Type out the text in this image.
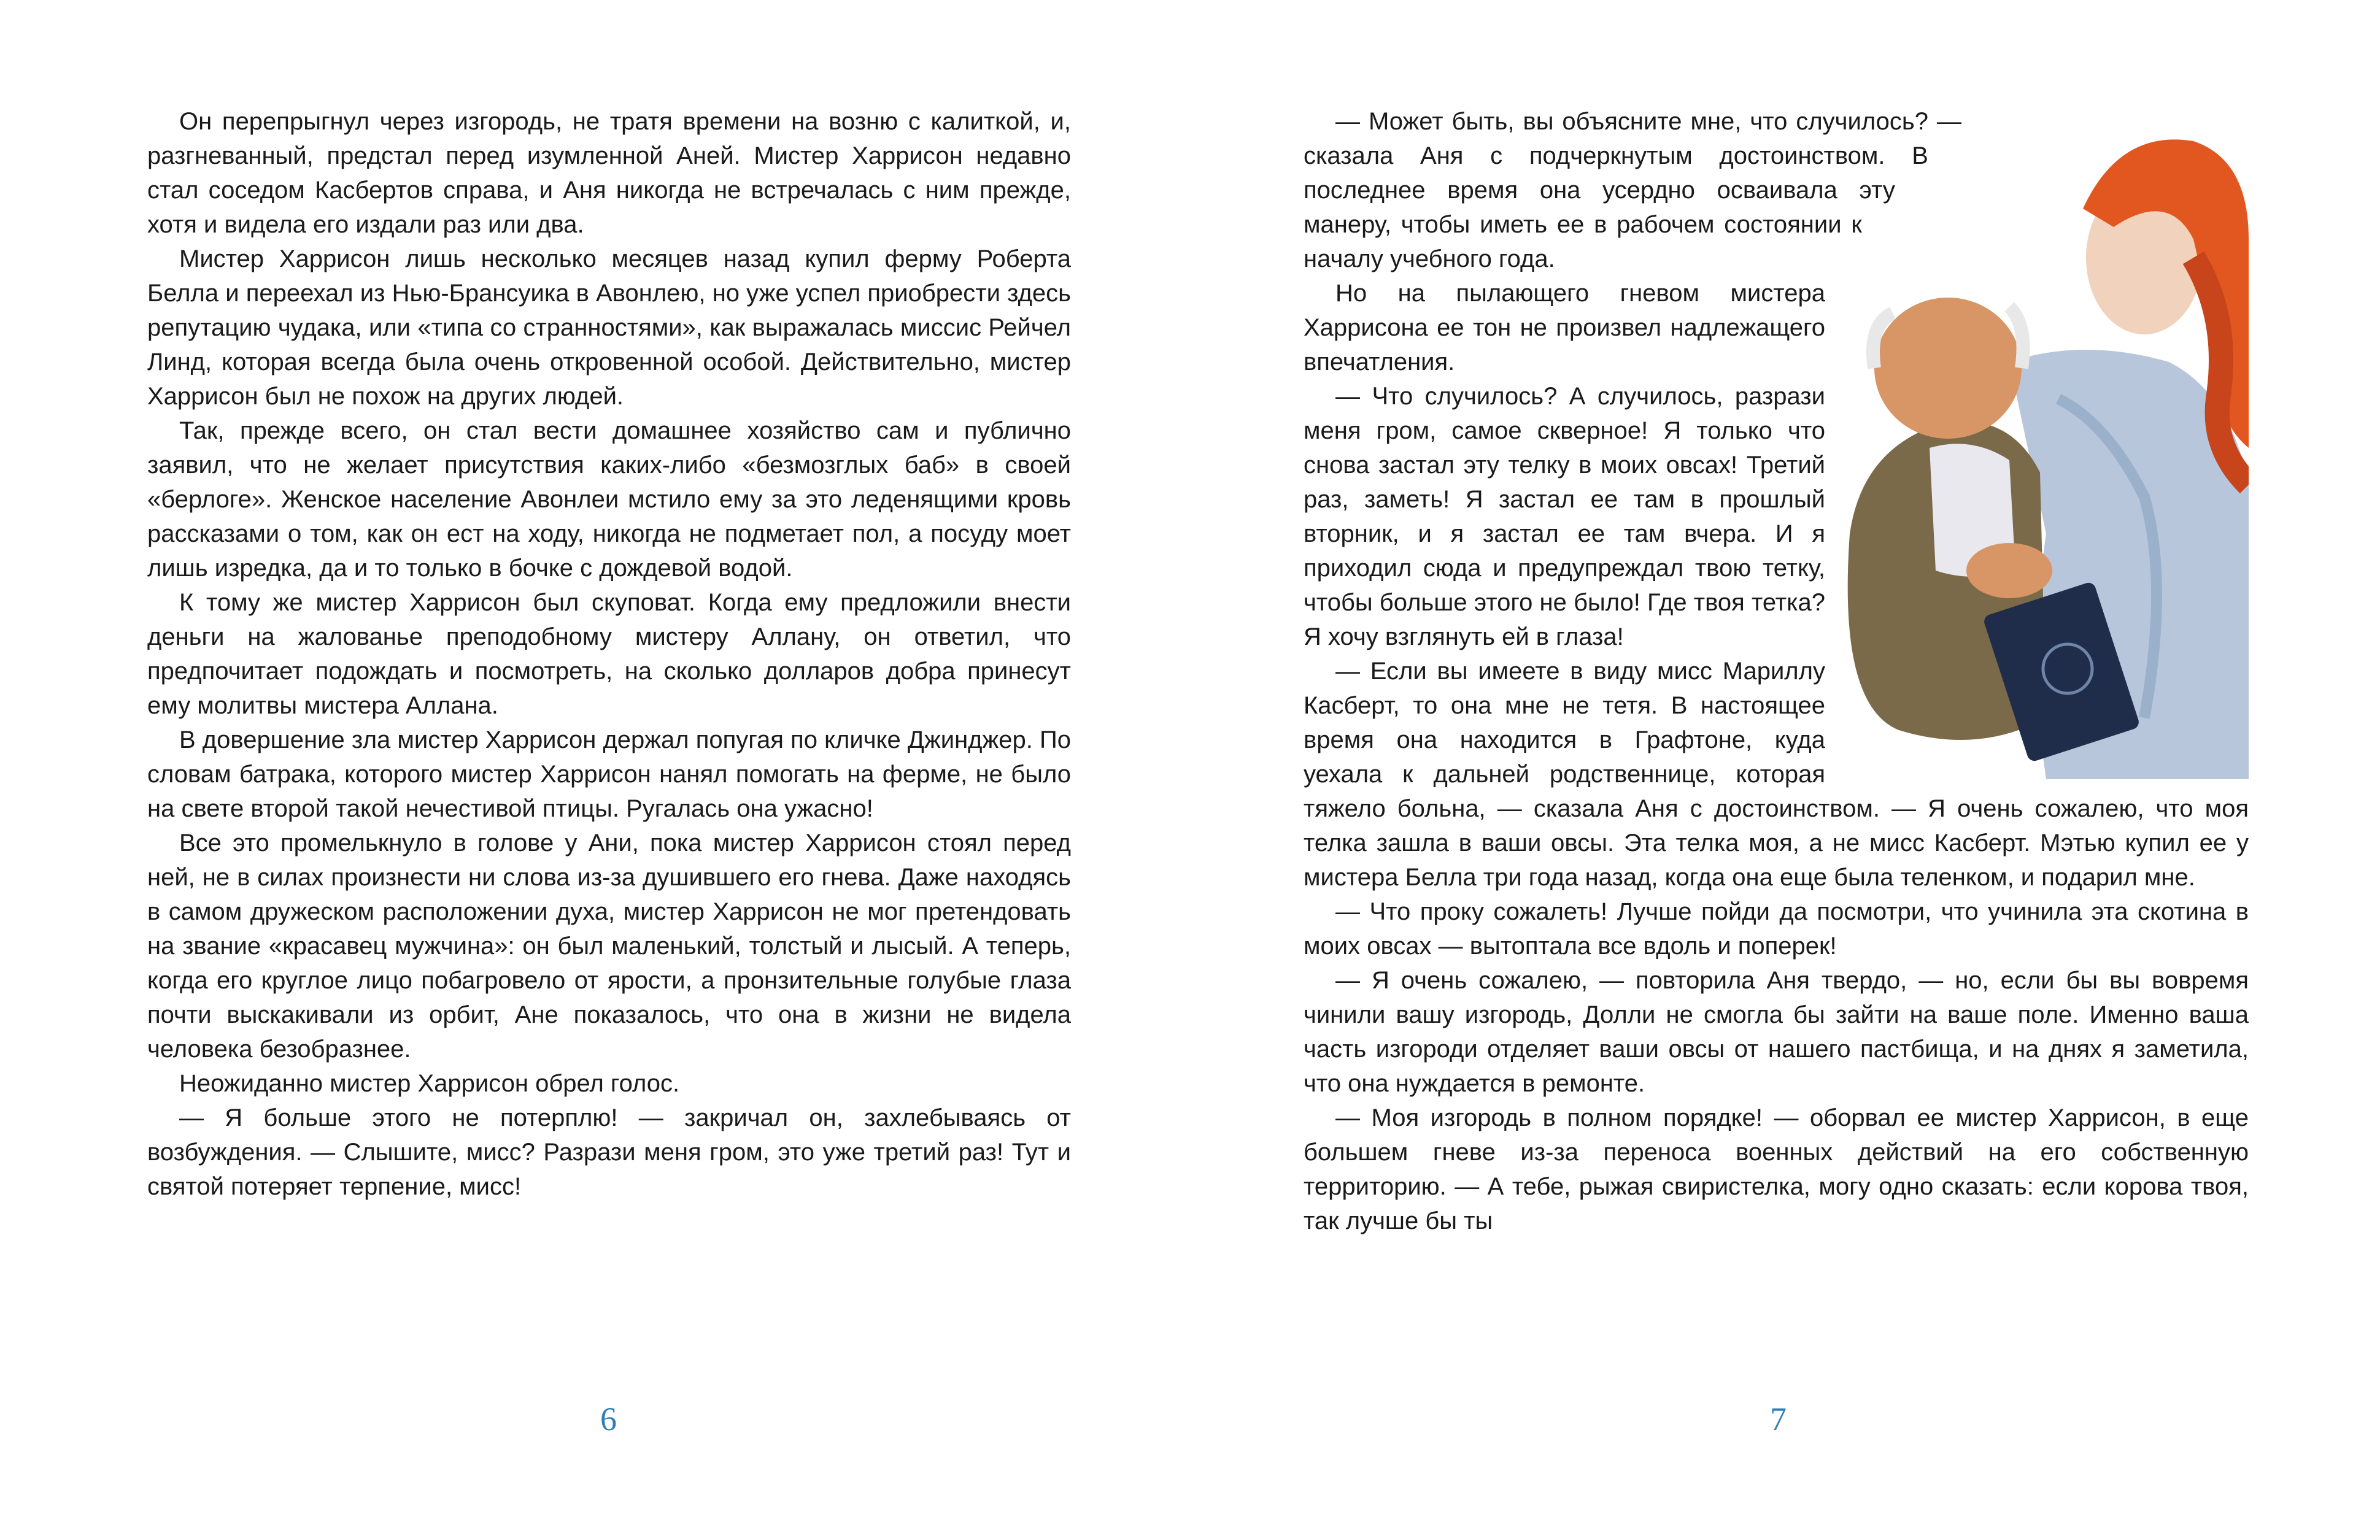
Он перепрыгнул через изгородь, не тратя времени на возню с калиткой, и, разгневанный, предстал перед изумленной Аней. Мистер Харрисон недавно стал соседом Касбертов справа, и Аня никогда не встречалась с ним прежде, хотя и видела его издали раз или два.

Мистер Харрисон лишь несколько месяцев назад купил ферму Роберта Белла и переехал из Нью-Брансуика в Авонлею, но уже успел приобрести здесь репутацию чудака, или «типа со странностями», как выражалась миссис Рейчел Линд, которая всегда была очень откровенной особой. Действительно, мистер Харрисон был не похож на других людей.

Так, прежде всего, он стал вести домашнее хозяйство сам и публично заявил, что не желает присутствия каких-либо «безмозглых баб» в своей «берлоге». Женское население Авонлеи мстило ему за это леденящими кровь рассказами о том, как он ест на ходу, никогда не подметает пол, а посуду моет лишь изредка, да и то только в бочке с дождевой водой.

К тому же мистер Харрисон был скуповат. Когда ему предложили внести деньги на жалованье преподобному мистеру Аллану, он ответил, что предпочитает подождать и посмотреть, на сколько долларов добра принесут ему молитвы мистера Аллана.

В довершение зла мистер Харрисон держал попугая по кличке Джинджер. По словам батрака, которого мистер Харрисон нанял помогать на ферме, не было на свете второй такой нечестивой птицы. Ругалась она ужасно!

Все это промелькнуло в голове у Ани, пока мистер Харрисон стоял перед ней, не в силах произнести ни слова из-за душившего его гнева. Даже находясь в самом дружеском расположении духа, мистер Харрисон не мог претендовать на звание «красавец мужчина»: он был маленький, толстый и лысый. А теперь, когда его круглое лицо побагровело от ярости, а пронзительные голубые глаза почти выскакивали из орбит, Ане показалось, что она в жизни не видела человека безобразнее.

Неожиданно мистер Харрисон обрел голос.

— Я больше этого не потерплю! — закричал он, захлебываясь от возбуждения. — Слышите, мисс? Разрази меня гром, это уже третий раз! Тут и святой потеряет терпение, мисс!

6

— Может быть, вы объясните мне, что случилось? — сказала Аня с подчеркнутым достоинством. В последнее время она усердно осваивала эту манеру, чтобы иметь ее в рабочем состоянии к началу учебного года.

Но на пылающего гневом мистера Харрисона ее тон не произвел надлежащего впечатления.

— Что случилось? А случилось, разрази меня гром, самое скверное! Я только что снова застал эту телку в моих овсах! Третий раз, заметь! Я застал ее там в прошлый вторник, и я застал ее там вчера. И я приходил сюда и предупреждал твою тетку, чтобы больше этого не было! Где твоя тетка? Я хочу взглянуть ей в глаза!

— Если вы имеете в виду мисс Мариллу Касберт, то она мне не тетя. В настоящее время она находится в Графтоне, куда уехала к дальней родственнице, которая тяжело больна, — сказала Аня с достоинством. — Я очень сожалею, что моя телка зашла в ваши овсы. Эта телка моя, а не мисс Касберт. Мэтью купил ее у мистера Белла три года назад, когда она еще была теленком, и подарил мне.

— Что проку сожалеть! Лучше пойди да посмотри, что учинила эта скотина в моих овсах — вытоптала все вдоль и поперек!

— Я очень сожалею, — повторила Аня твердо, — но, если бы вы вовремя чинили вашу изгородь, Долли не смогла бы зайти на ваше поле. Именно ваша часть изгороди отделяет ваши овсы от нашего пастбища, и на днях я заметила, что она нуждается в ремонте.

— Моя изгородь в полном порядке! — оборвал ее мистер Харрисон, в еще большем гневе из-за переноса военных действий на его собственную территорию. — А тебе, рыжая свиристелка, могу одно сказать: если корова твоя, так лучше бы ты

7
